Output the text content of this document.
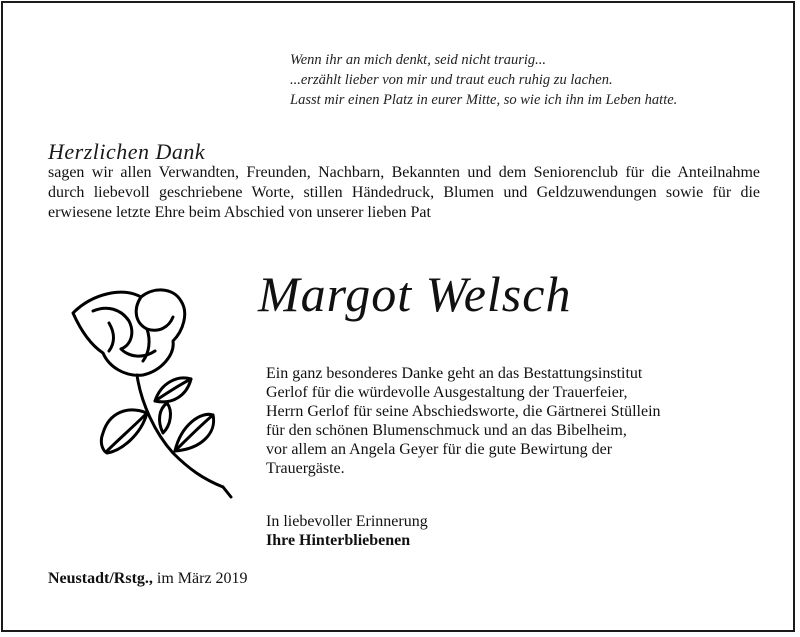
Wenn ihr an mich denkt, seid nicht traurig...
...erzählt lieber von mir und traut euch ruhig zu lachen.
Lasst mir einen Platz in eurer Mitte, so wie ich ihn im Leben hatte.
Herzlichen Dank
sagen wir allen Verwandten, Freunden, Nachbarn, Bekannten und dem Seniorenclub für die Anteilnahme durch liebevoll geschriebene Worte, stillen Händedruck, Blumen und Geldzuwendungen sowie für die erwiesene letzte Ehre beim Abschied von unserer lieben Pat
Margot Welsch
Ein ganz besonderes Danke geht an das Bestattungsinstitut
Gerlof für die würdevolle Ausgestaltung der Trauerfeier,
Herrn Gerlof für seine Abschiedsworte, die Gärtnerei Stüllein
für den schönen Blumenschmuck und an das Bibelheim,
vor allem an Angela Geyer für die gute Bewirtung der
Trauergäste.
In liebevoller Erinnerung
Ihre Hinterbliebenen
Neustadt/Rstg., im März 2019
